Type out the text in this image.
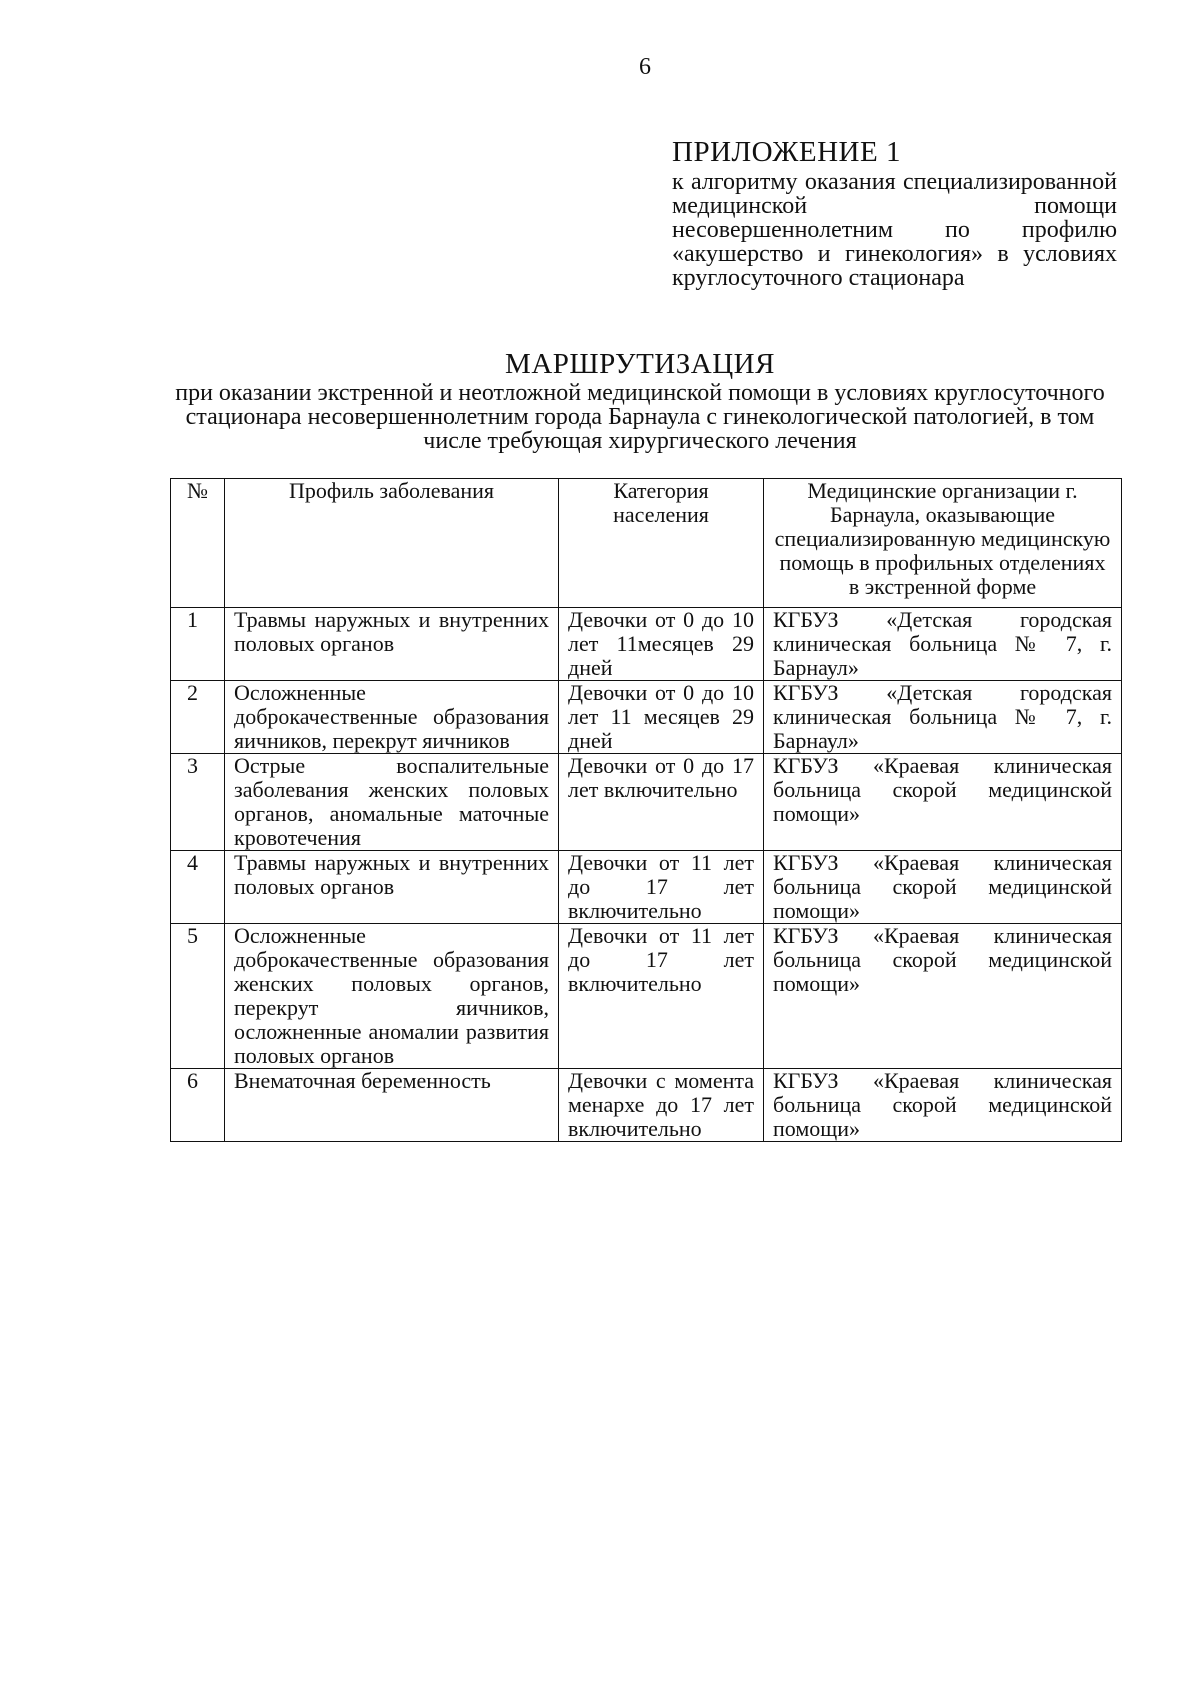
6
ПРИЛОЖЕНИЕ 1
к алгоритму оказания специализированной медицинской помощи несовершеннолетним по профилю «акушерство и гинекология» в условиях круглосуточного стационара
МАРШРУТИЗАЦИЯ
при оказании экстренной и неотложной медицинской помощи в условиях круглосуточного стационара несовершеннолетним города Барнаула с гинекологической патологией, в том числе требующая хирургического лечения
№	Профиль заболевания	Категория населения	Медицинские организации г. Барнаула, оказывающие специализированную медицинскую помощь в профильных отделениях в экстренной форме
1	Травмы наружных и внутренних половых органов	Девочки от 0 до 10 лет 11месяцев 29 дней	КГБУЗ «Детская городская клиническая больница № 7, г. Барнаул»
2	Осложненные доброкачественные образования яичников, перекрут яичников	Девочки от 0 до 10 лет 11 месяцев 29 дней	КГБУЗ «Детская городская клиническая больница № 7, г. Барнаул»
3	Острые воспалительные заболевания женских половых органов, аномальные маточные кровотечения	Девочки от 0 до 17 лет включительно	КГБУЗ «Краевая клиническая больница скорой медицинской помощи»
4	Травмы наружных и внутренних половых органов	Девочки от 11 лет до 17 лет включительно	КГБУЗ «Краевая клиническая больница скорой медицинской помощи»
5	Осложненные доброкачественные образования женских половых органов, перекрут яичников, осложненные аномалии развития половых органов	Девочки от 11 лет до 17 лет включительно	КГБУЗ «Краевая клиническая больница скорой медицинской помощи»
6	Внематочная беременность	Девочки с момента менархе до 17 лет включительно	КГБУЗ «Краевая клиническая больница скорой медицинской помощи»
